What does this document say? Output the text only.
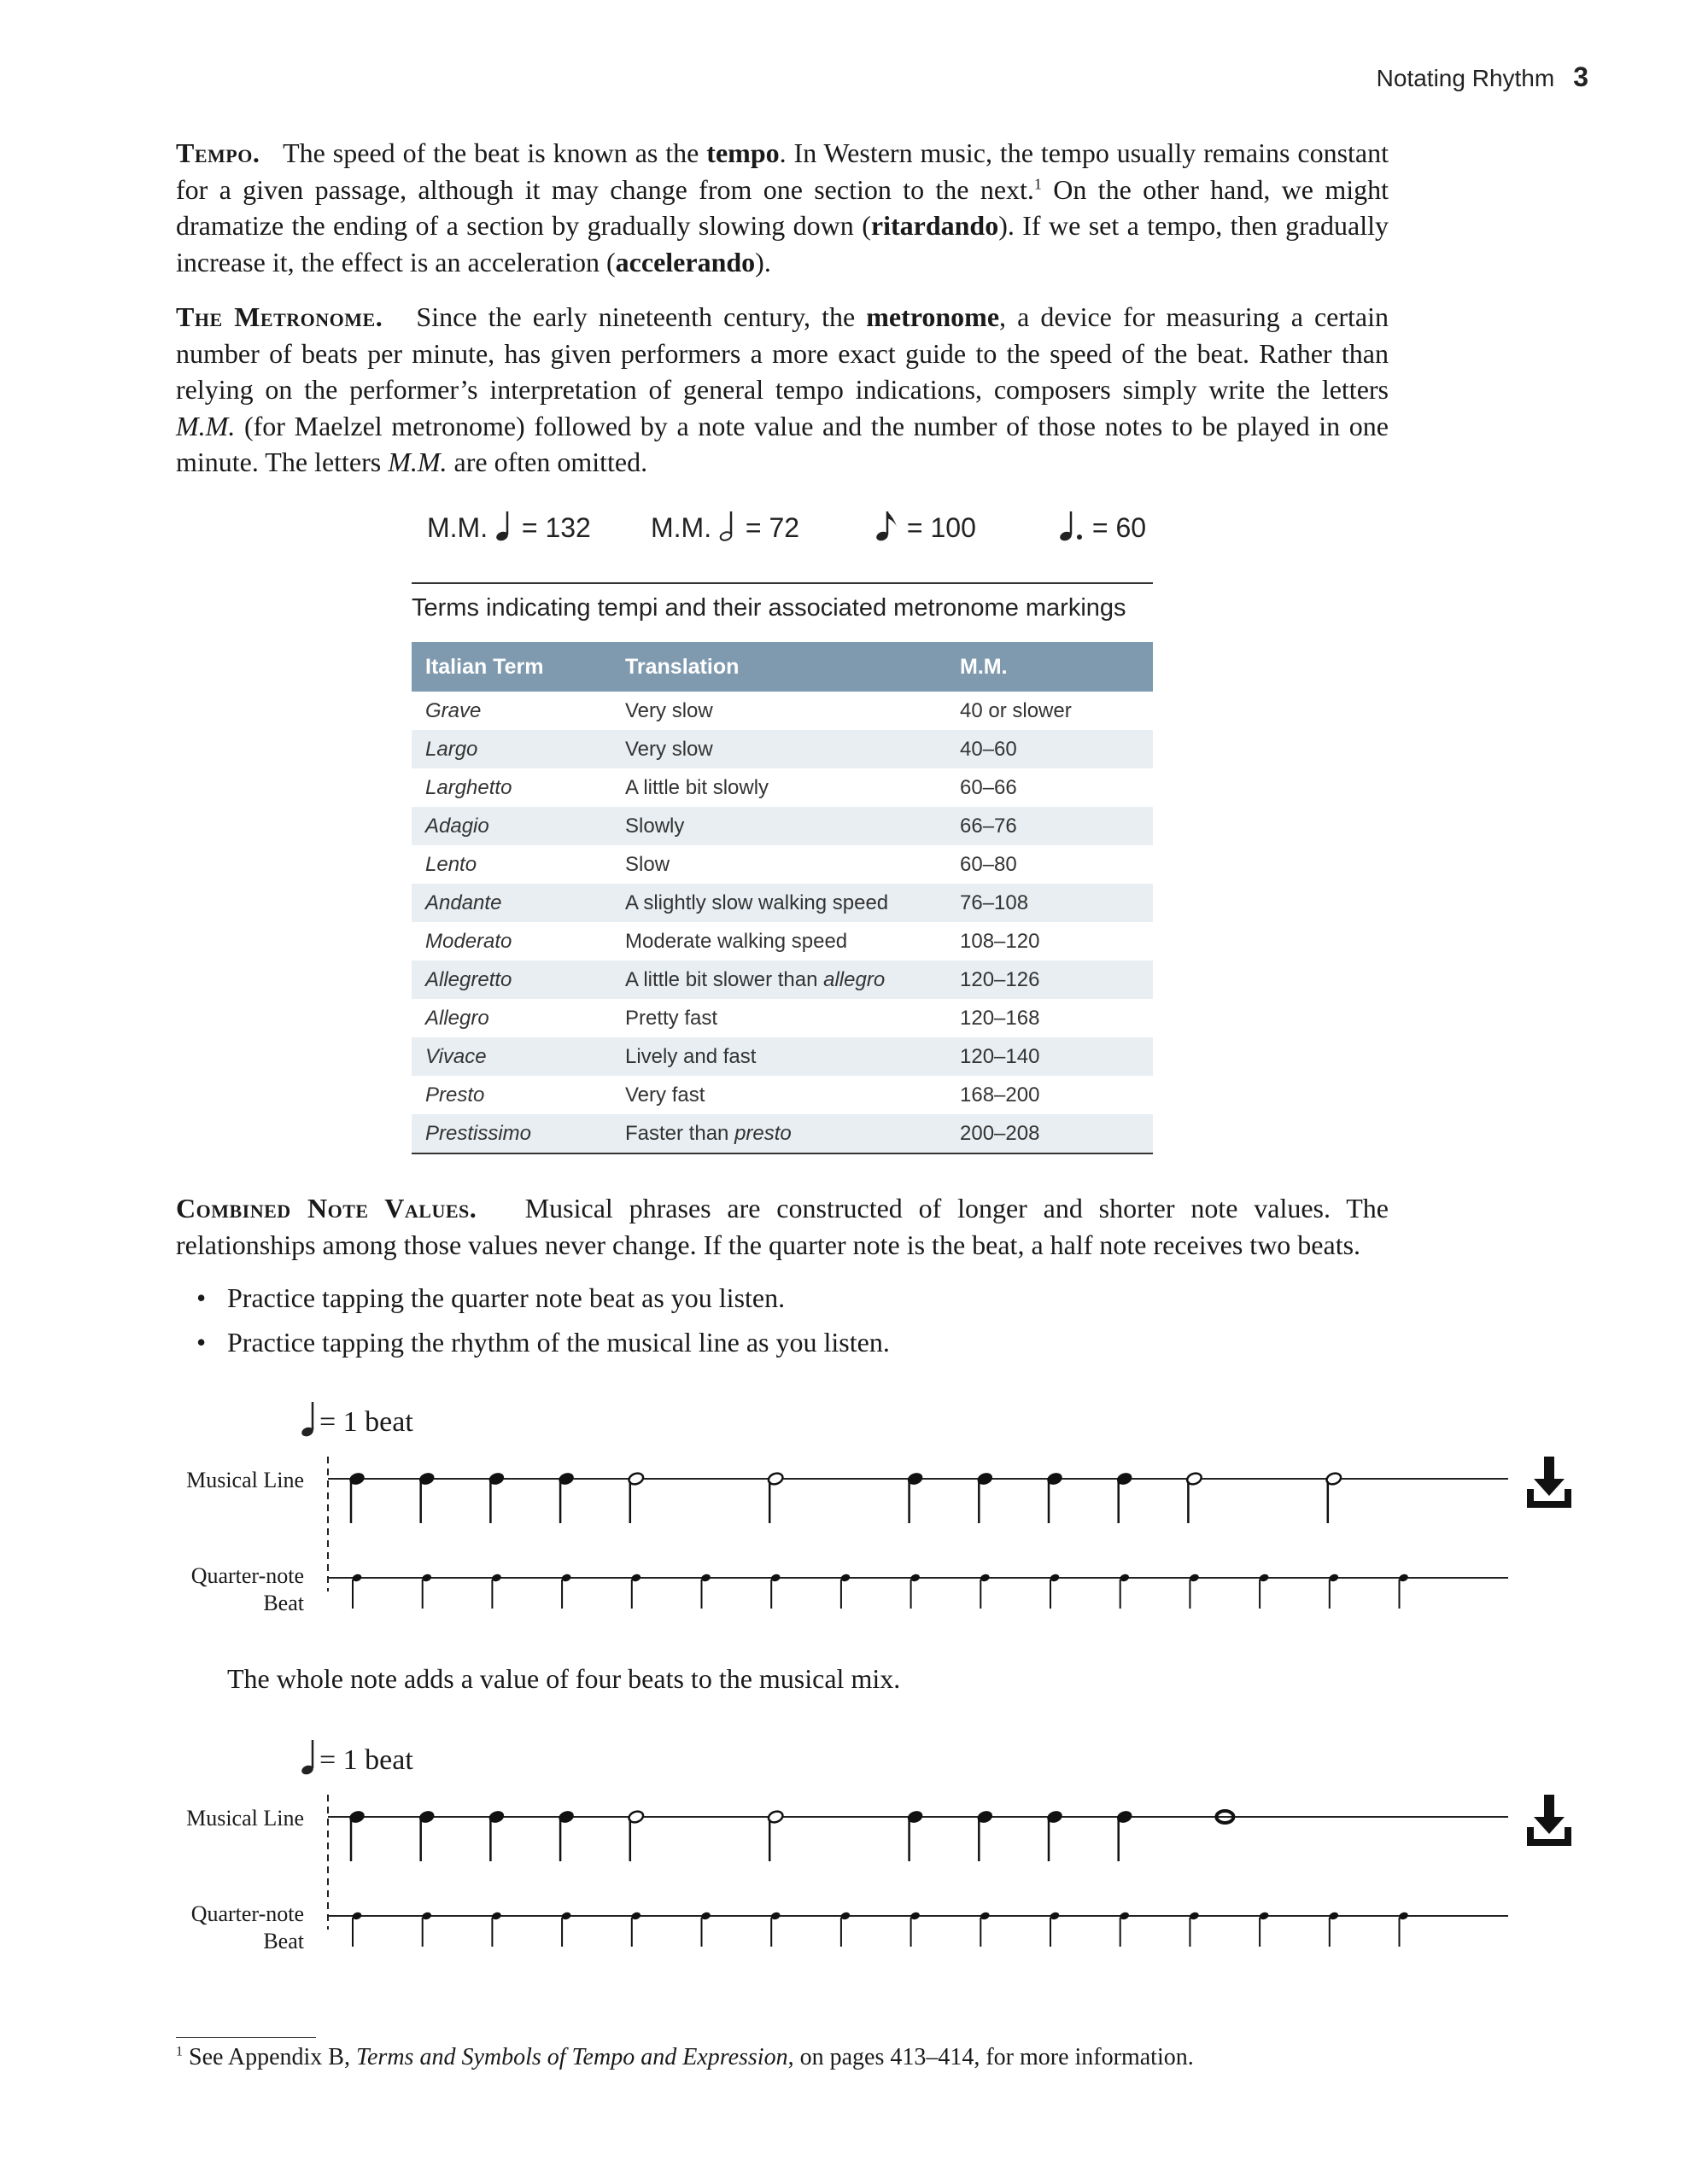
Notating Rhythm 3

Tempo. The speed of the beat is known as the tempo. In Western music, the tempo usually remains constant for a given passage, although it may change from one section to the next.$^1$ On the other hand, we might dramatize the ending of a section by gradually slowing down (ritardando). If we set a tempo, then gradually increase it, the effect is an acceleration (accelerando).

The Metronome. Since the early nineteenth century, the metronome, a device for measuring a certain number of beats per minute, has given performers a more exact guide to the speed of the beat. Rather than relying on the performer’s interpretation of general tempo indications, composers simply write the letters M.M. (for Maelzel metronome) followed by a note value and the number of those notes to be played in one minute. The letters M.M. are often omitted.

M.M.  = 132 M.M.  = 72	= 100	= 60
Terms indicating tempi and their associated metronome markings
Italian Term	Translation	M.M.
Grave	Very slow	40 or slower
Largo	Very slow	40–60
Larghetto	A little bit slowly	60–66
Adagio	Slowly	66–76
Lento	Slow	60–80
Andante	A slightly slow walking speed	76–108
Moderato	Moderate walking speed	108–120
Allegretto	A little bit slower than allegro	120–126
Allegro	Pretty fast	120–168
Vivace	Lively and fast	120–140
Presto	Very fast	168–200
Prestissimo	Faster than presto	200–208

Combined Note Values. Musical phrases are constructed of longer and shorter note values. The relationships among those values never change. If the quarter note is the beat, a half note receives two beats.

• Practice tapping the quarter note beat as you listen.
• Practice tapping the rhythm of the musical line as you listen.
= 1 beat
Musical Line
Quarter-note
Beat
The whole note adds a value of four beats to the musical mix.
= 1 beat
Musical Line
Quarter-note
Beat

$^1$ See Appendix B, Terms and Symbols of Tempo and Expression, on pages 413–414, for more information.
